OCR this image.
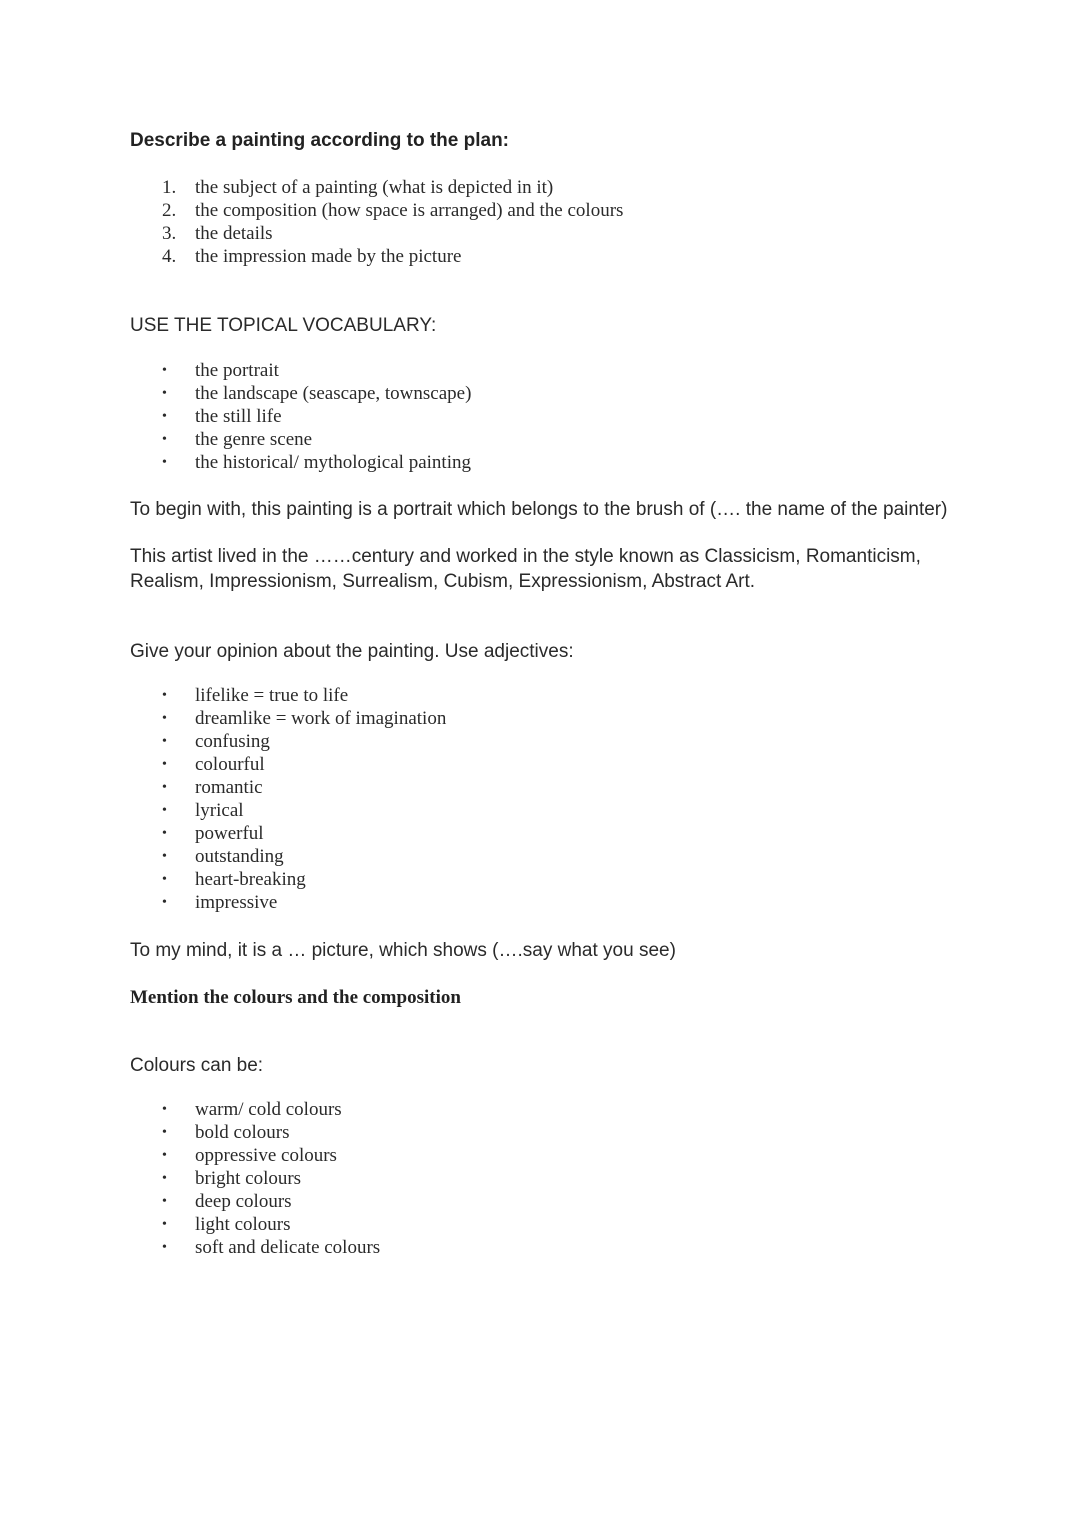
Describe a painting according to the plan:
1. the subject of a painting (what is depicted in it)
2. the composition (how space is arranged) and the colours
3. the details
4. the impression made by the picture

USE THE TOPICAL VOCABULARY:

• the portrait
• the landscape (seascape, townscape)
• the still life
• the genre scene
• the historical/ mythological painting

To begin with, this painting is a portrait which belongs to the brush of (…. the name of the painter)

This artist lived in the ……century and worked in the style known as Classicism, Romanticism, Realism, Impressionism, Surrealism, Cubism, Expressionism, Abstract Art.

Give your opinion about the painting. Use adjectives:

• lifelike = true to life
• dreamlike = work of imagination
• confusing
• colourful
• romantic
• lyrical
• powerful
• outstanding
• heart-breaking
• impressive

To my mind, it is a … picture, which shows (….say what you see)

Mention the colours and the composition

Colours can be:

• warm/ cold colours
• bold colours
• oppressive colours
• bright colours
• deep colours
• light colours
• soft and delicate colours
